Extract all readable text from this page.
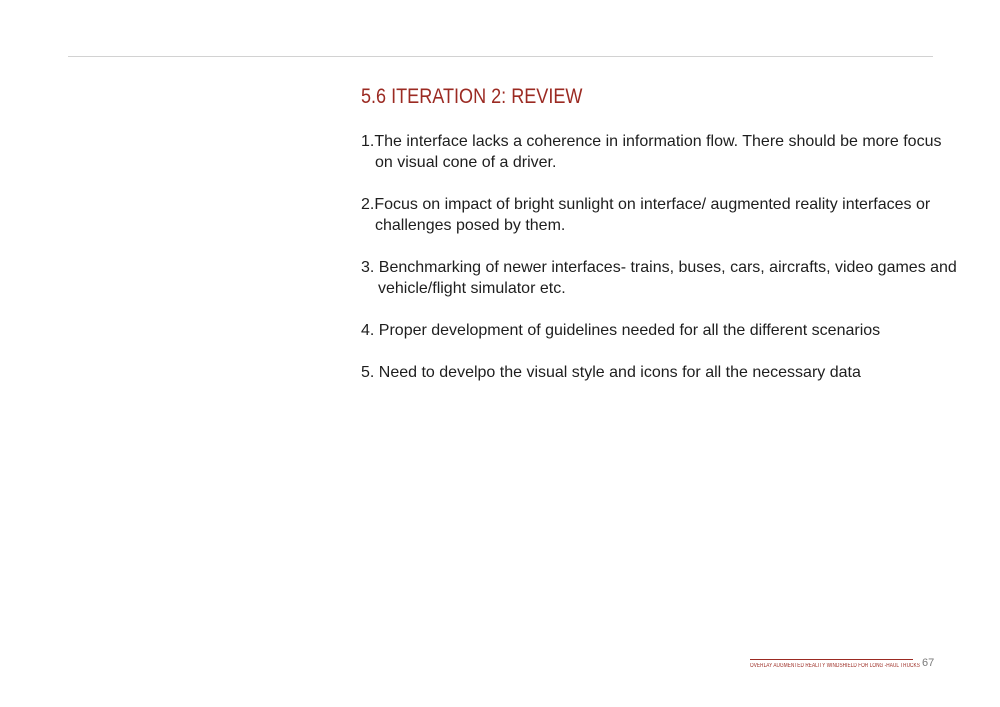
5.6 ITERATION 2: REVIEW
1.The interface lacks a coherence in information flow. There should be more focus
on visual cone of a driver.
2.Focus on impact of bright sunlight on interface/ augmented reality interfaces or
challenges posed by them.
3. Benchmarking of newer interfaces- trains, buses, cars, aircrafts, video games and
vehicle/flight simulator etc.
4. Proper development of guidelines needed for all the different scenarios
5. Need to develpo the visual style and icons for all the necessary data
OVERLAY AUGMENTED REALITY WINDSHIELD FOR LONG -HAUL TRUCKS 67
